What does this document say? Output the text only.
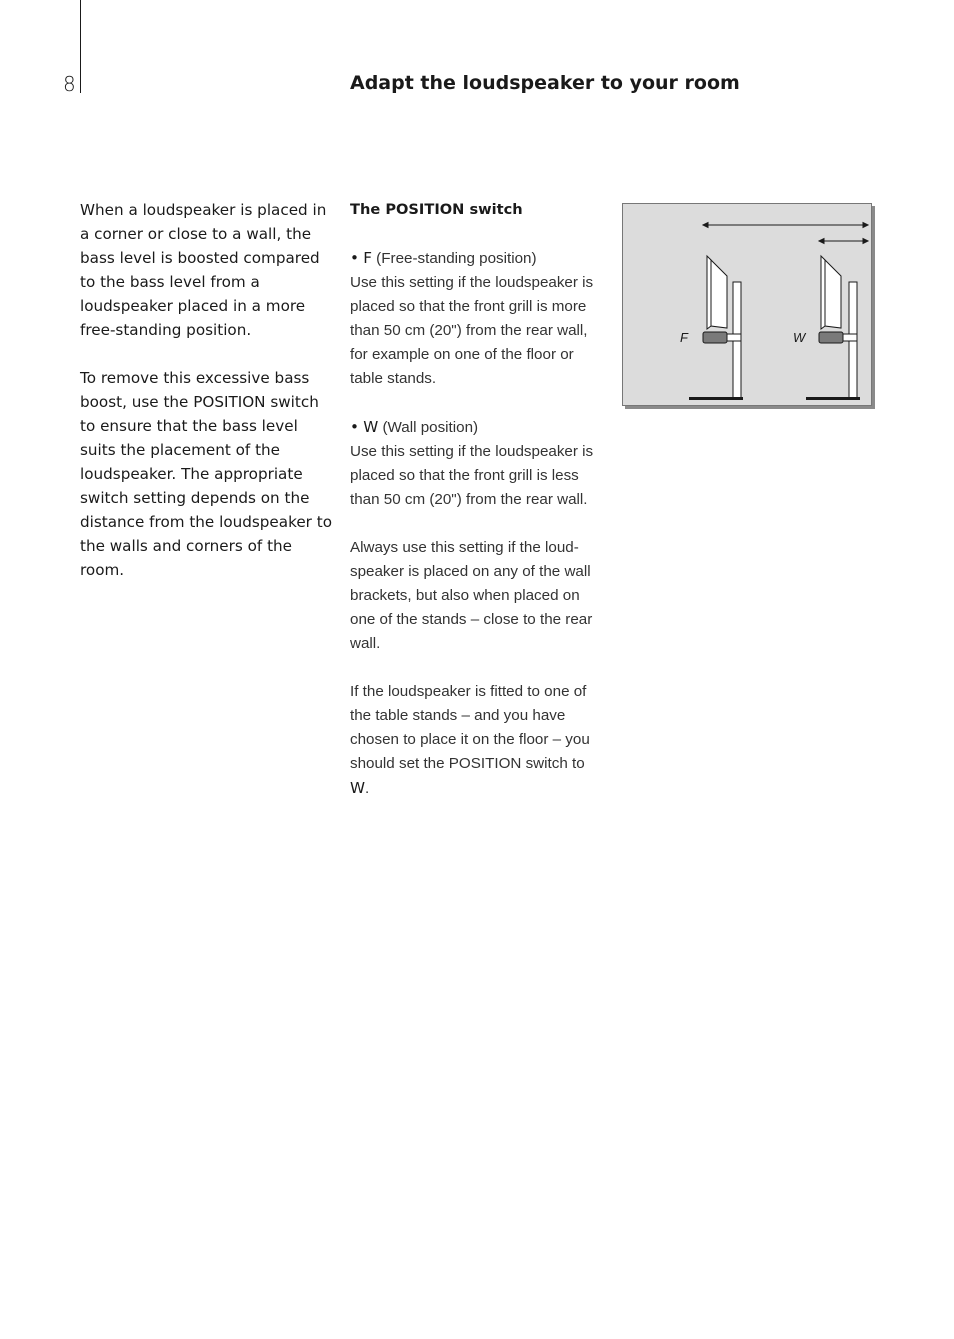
8	Adapt the loudspeaker to your room

When a loudspeaker is placed in a corner or close to a wall, the bass level is boosted compared to the bass level from a loudspeaker placed in a more free-standing position.

To remove this excessive bass boost, use the POSITION switch to ensure that the bass level suits the placement of the loudspeaker. The appropriate switch setting depends on the distance from the loudspeaker to the walls and corners of the room.

The POSITION switch

• F (Free-standing position)
Use this setting if the loudspeaker is placed so that the front grill is more than 50 cm (20") from the rear wall, for example on one of the floor or table stands.

• W (Wall position)
Use this setting if the loudspeaker is placed so that the front grill is less than 50 cm (20") from the rear wall.

Always use this setting if the loud-speaker is placed on any of the wall brackets, but also when placed on one of the stands – close to the rear wall.

If the loudspeaker is fitted to one of the table stands – and you have chosen to place it on the floor – you should set the POSITION switch to W.

F	W
